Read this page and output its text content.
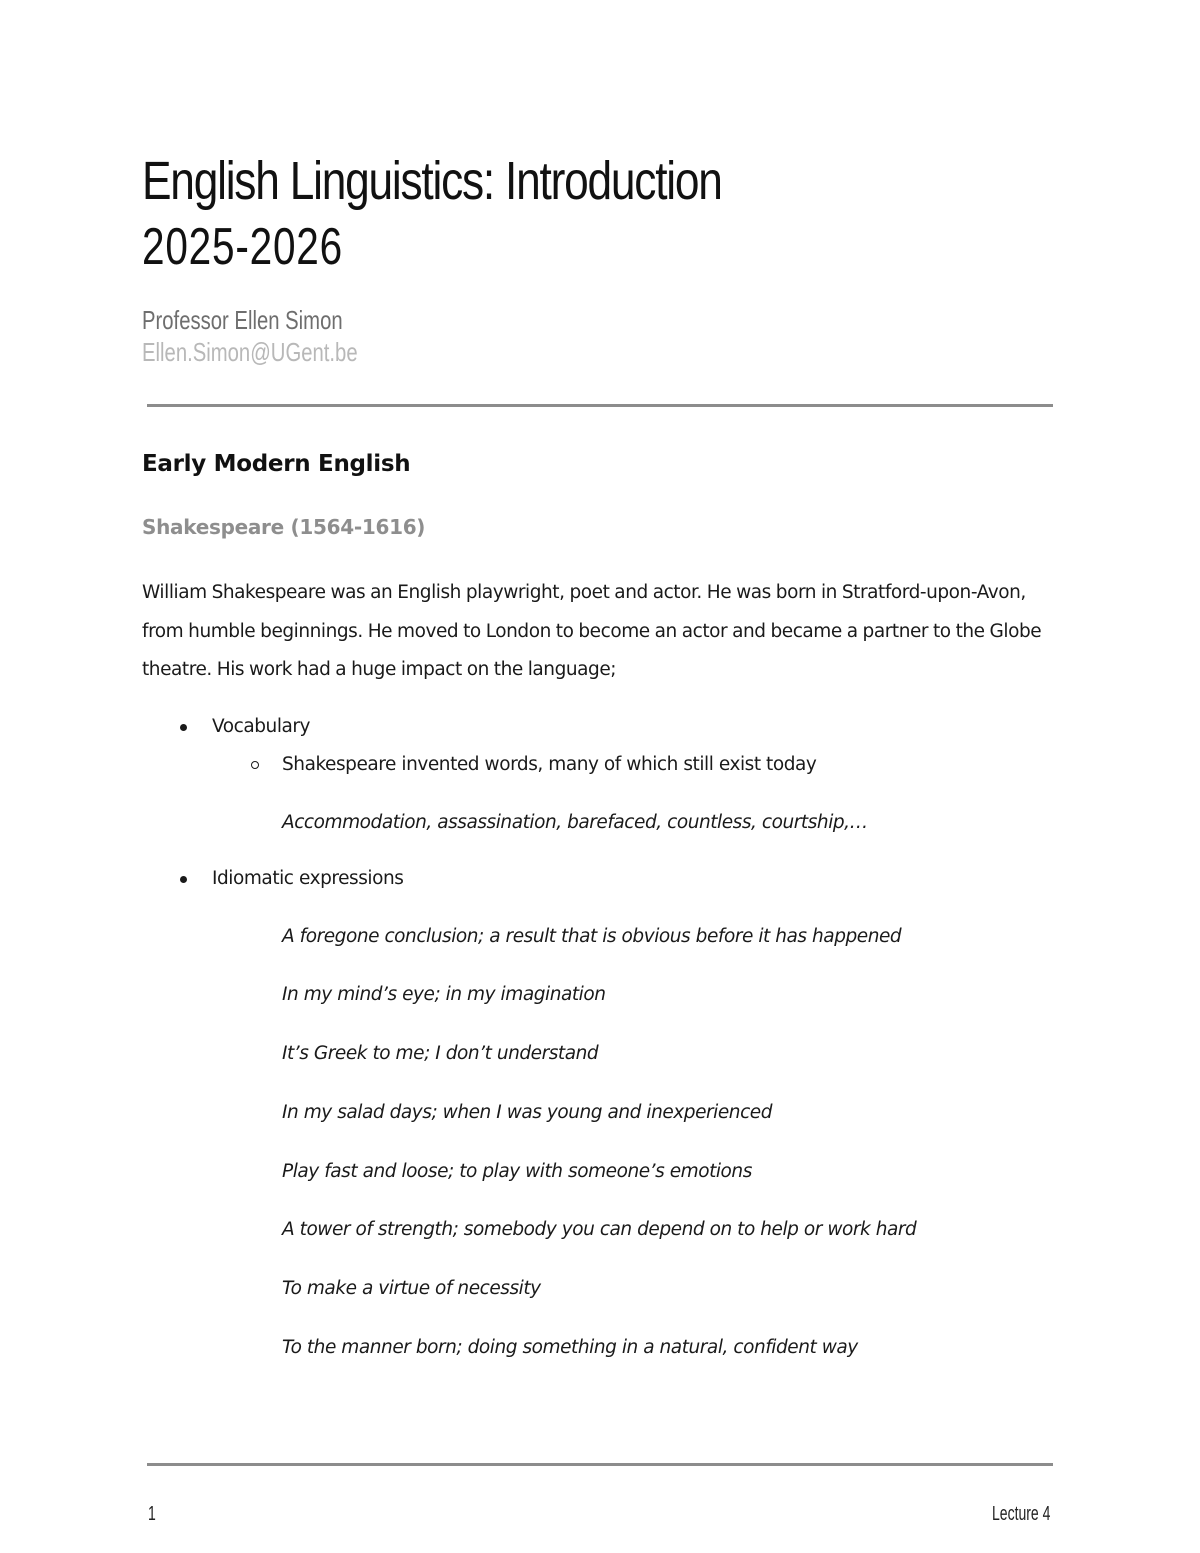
English Linguistics: Introduction
2025-2026
Professor Ellen Simon
Ellen.Simon@UGent.be
Early Modern English
Shakespeare (1564-1616)

William Shakespeare was an English playwright, poet and actor. He was born in Stratford-upon-Avon, from humble beginnings. He moved to London to become an actor and became a partner to the Globe theatre. His work had a huge impact on the language;

Vocabulary
Shakespeare invented words, many of which still exist today
Accommodation, assassination, barefaced, countless, courtship,…
Idiomatic expressions
A foregone conclusion; a result that is obvious before it has happened
In my mind’s eye; in my imagination
It’s Greek to me; I don’t understand
In my salad days; when I was young and inexperienced
Play fast and loose; to play with someone’s emotions
A tower of strength; somebody you can depend on to help or work hard
To make a virtue of necessity
To the manner born; doing something in a natural, confident way
1	Lecture 4
